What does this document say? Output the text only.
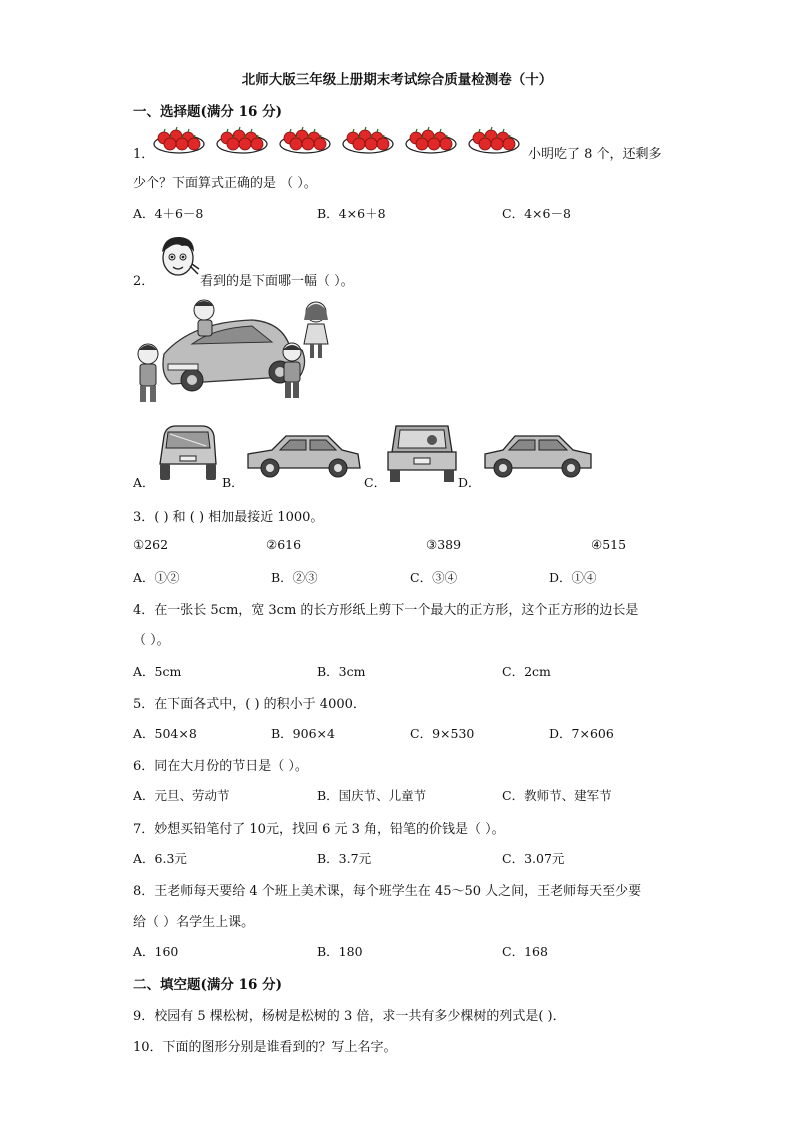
北师大版三年级上册期末考试综合质量检测卷（十）
一、选择题(满分 16 分)
1．	小明吃了 8 个，还剩多
少个？下面算式正确的是 （ ）。
A．4＋6－8	B．4×6＋8	C．4×6－8
2．	看到的是下面哪一幅（ ）。
A．	B．	C．	D．
3．( ) 和 ( ) 相加最接近 1000。
①262	②616	③389	④515
A．①②	B．②③	C．③④	D．①④
4．在一张长 5cm，宽 3cm 的长方形纸上剪下一个最大的正方形，这个正方形的边长是
（ ）。
A．5cm	B．3cm	C．2cm
5．在下面各式中，( ) 的积小于 4000．
A．504×8	B．906×4	C．9×530	D．7×606
6．同在大月份的节日是（ ）。
A．元旦、劳动节	B．国庆节、儿童节	C．教师节、建军节
7．妙想买铅笔付了 10元，找回 6 元 3 角，铅笔的价钱是（ ）。
A．6.3元	B．3.7元	C．3.07元
8．王老师每天要给 4 个班上美术课，每个班学生在 45～50 人之间，王老师每天至少要
给（ ）名学生上课。
A．160	B．180	C．168
二、填空题(满分 16 分)
9．校园有 5 棵松树，杨树是松树的 3 倍，求一共有多少棵树的列式是( )．
10．下面的图形分别是谁看到的？写上名字。
